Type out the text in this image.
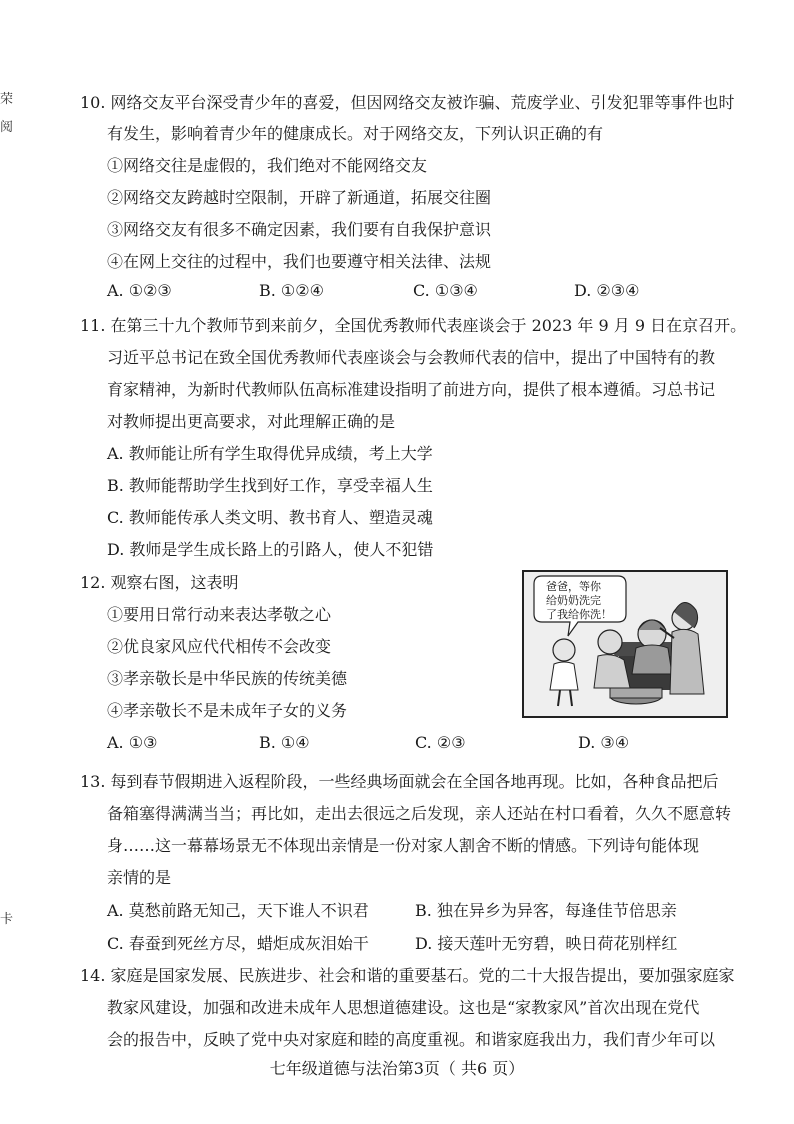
荣
阅
卡
10. 网络交友平台深受青少年的喜爱，但因网络交友被诈骗、荒废学业、引发犯罪等事件也时
有发生，影响着青少年的健康成长。对于网络交友，下列认识正确的有
①网络交往是虚假的，我们绝对不能网络交友
②网络交友跨越时空限制，开辟了新通道，拓展交往圈
③网络交友有很多不确定因素，我们要有自我保护意识
④在网上交往的过程中，我们也要遵守相关法律、法规
A. ①②③	B. ①②④	C. ①③④	D. ②③④
11. 在第三十九个教师节到来前夕，全国优秀教师代表座谈会于 2023 年 9 月 9 日在京召开。
习近平总书记在致全国优秀教师代表座谈会与会教师代表的信中，提出了中国特有的教
育家精神，为新时代教师队伍高标准建设指明了前进方向，提供了根本遵循。习总书记
对教师提出更高要求，对此理解正确的是
A. 教师能让所有学生取得优异成绩，考上大学
B. 教师能帮助学生找到好工作，享受幸福人生
C. 教师能传承人类文明、教书育人、塑造灵魂
D. 教师是学生成长路上的引路人，使人不犯错
12. 观察右图，这表明
①要用日常行动来表达孝敬之心
②优良家风应代代相传不会改变
③孝亲敬长是中华民族的传统美德
④孝亲敬长不是未成年子女的义务
A. ①③	B. ①④	C. ②③	D. ③④
爸爸，等你
给奶奶洗完
了我给你洗！
13. 每到春节假期进入返程阶段，一些经典场面就会在全国各地再现。比如，各种食品把后
备箱塞得满满当当；再比如，走出去很远之后发现，亲人还站在村口看着，久久不愿意转
身……这一幕幕场景无不体现出亲情是一份对家人割舍不断的情感。下列诗句能体现
亲情的是
A. 莫愁前路无知己，天下谁人不识君	B. 独在异乡为异客，每逢佳节倍思亲
C. 春蚕到死丝方尽，蜡炬成灰泪始干	D. 接天莲叶无穷碧，映日荷花别样红
14. 家庭是国家发展、民族进步、社会和谐的重要基石。党的二十大报告提出，要加强家庭家
教家风建设，加强和改进未成年人思想道德建设。这也是“家教家风”首次出现在党代
会的报告中，反映了党中央对家庭和睦的高度重视。和谐家庭我出力，我们青少年可以
七年级道德与法治第3页（ 共6 页）
